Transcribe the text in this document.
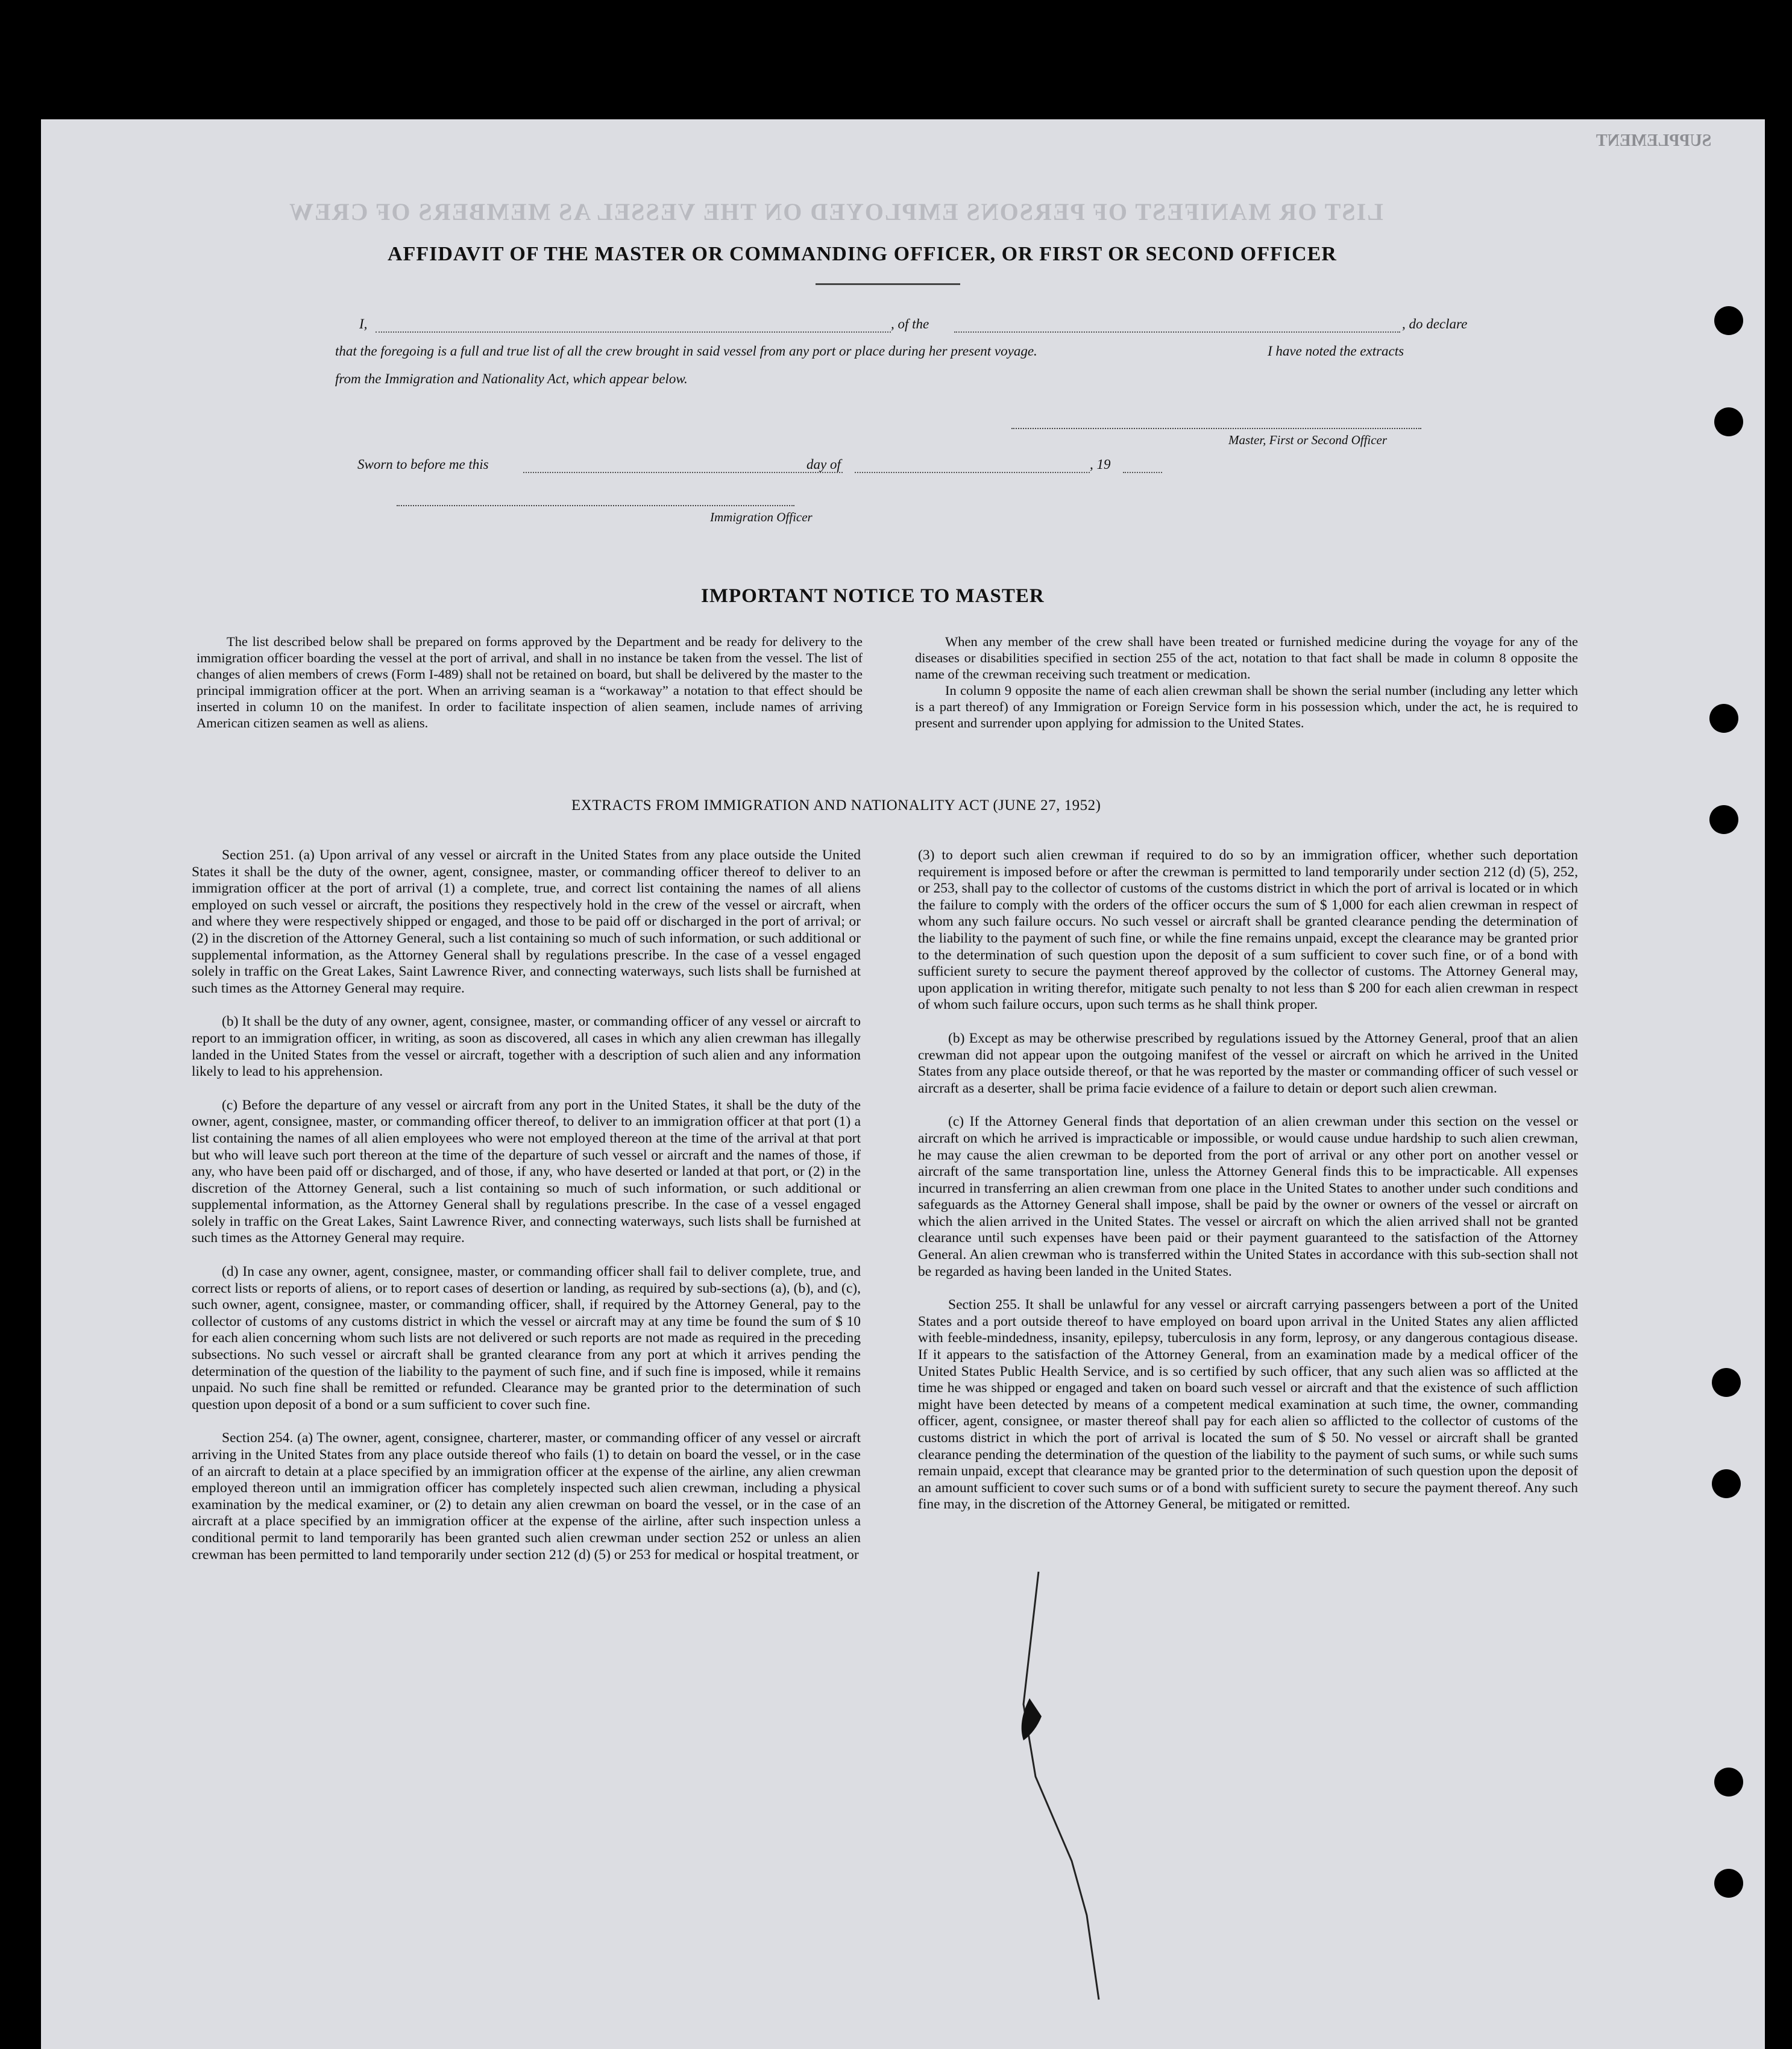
LIST OR MANIFEST OF PERSONS EMPLOYED ON THE VESSEL AS MEMBERS OF CREW
SUPPLEMENT
AFFIDAVIT OF THE MASTER OR COMMANDING OFFICER, OR FIRST OR SECOND OFFICER
I,	, of the	, do declare
that the foregoing is a full and true list of all the crew brought in said vessel from any port or place during her present voyage.	I have noted the extracts
from the Immigration and Nationality Act, which appear below.
Master, First or Second Officer
Sworn to before me this	day of	, 19
Immigration Officer
IMPORTANT NOTICE TO MASTER

The list described below shall be prepared on forms approved by the Department and be ready for delivery to the immigration officer boarding the vessel at the port of arrival, and shall in no instance be taken from the vessel. The list of changes of alien members of crews (Form I-489) shall not be retained on board, but shall be delivered by the master to the principal immigration officer at the port. When an arriving seaman is a “workaway” a notation to that effect should be inserted in column 10 on the manifest. In order to facilitate inspection of alien seamen, include names of arriving American citizen seamen as well as aliens.

When any member of the crew shall have been treated or furnished medicine during the voyage for any of the diseases or disabilities specified in section 255 of the act, notation to that fact shall be made in column 8 opposite the name of the crewman receiving such treatment or medication.

In column 9 opposite the name of each alien crewman shall be shown the serial number (including any letter which is a part thereof) of any Immigration or Foreign Service form in his possession which, under the act, he is required to present and surrender upon applying for admission to the United States.

EXTRACTS FROM IMMIGRATION AND NATIONALITY ACT (JUNE 27, 1952)

Section 251. (a) Upon arrival of any vessel or aircraft in the United States from any place outside the United States it shall be the duty of the owner, agent, consignee, master, or commanding officer thereof to deliver to an immigration officer at the port of arrival (1) a complete, true, and correct list containing the names of all aliens employed on such vessel or aircraft, the positions they respectively hold in the crew of the vessel or aircraft, when and where they were respectively shipped or engaged, and those to be paid off or discharged in the port of arrival; or (2) in the discretion of the Attorney General, such a list containing so much of such information, or such additional or supplemental information, as the Attorney General shall by regulations prescribe. In the case of a vessel engaged solely in traffic on the Great Lakes, Saint Lawrence River, and connecting waterways, such lists shall be furnished at such times as the Attorney General may require.

(b) It shall be the duty of any owner, agent, consignee, master, or commanding officer of any vessel or aircraft to report to an immigration officer, in writing, as soon as discovered, all cases in which any alien crewman has illegally landed in the United States from the vessel or aircraft, together with a description of such alien and any information likely to lead to his apprehension.

(c) Before the departure of any vessel or aircraft from any port in the United States, it shall be the duty of the owner, agent, consignee, master, or commanding officer thereof, to deliver to an immigration officer at that port (1) a list containing the names of all alien employees who were not employed thereon at the time of the arrival at that port but who will leave such port thereon at the time of the departure of such vessel or aircraft and the names of those, if any, who have been paid off or discharged, and of those, if any, who have deserted or landed at that port, or (2) in the discretion of the Attorney General, such a list containing so much of such information, or such additional or supplemental information, as the Attorney General shall by regulations prescribe. In the case of a vessel engaged solely in traffic on the Great Lakes, Saint Lawrence River, and connecting waterways, such lists shall be furnished at such times as the Attorney General may require.

(d) In case any owner, agent, consignee, master, or commanding officer shall fail to deliver complete, true, and correct lists or reports of aliens, or to report cases of desertion or landing, as required by sub-sections (a), (b), and (c), such owner, agent, consignee, master, or commanding officer, shall, if required by the Attorney General, pay to the collector of customs of any customs district in which the vessel or aircraft may at any time be found the sum of $ 10 for each alien concerning whom such lists are not delivered or such reports are not made as required in the preceding subsections. No such vessel or aircraft shall be granted clearance from any port at which it arrives pending the determination of the question of the liability to the payment of such fine, and if such fine is imposed, while it remains unpaid. No such fine shall be remitted or refunded. Clearance may be granted prior to the determination of such question upon deposit of a bond or a sum sufficient to cover such fine.

Section 254. (a) The owner, agent, consignee, charterer, master, or commanding officer of any vessel or aircraft arriving in the United States from any place outside thereof who fails (1) to detain on board the vessel, or in the case of an aircraft to detain at a place specified by an immigration officer at the expense of the airline, any alien crewman employed thereon until an immigration officer has completely inspected such alien crewman, including a physical examination by the medical examiner, or (2) to detain any alien crewman on board the vessel, or in the case of an aircraft at a place specified by an immigration officer at the expense of the airline, after such inspection unless a conditional permit to land temporarily has been granted such alien crewman under section 252 or unless an alien crewman has been permitted to land temporarily under section 212 (d) (5) or 253 for medical or hospital treatment, or

(3) to deport such alien crewman if required to do so by an immigration officer, whether such deportation requirement is imposed before or after the crewman is permitted to land temporarily under section 212 (d) (5), 252, or 253, shall pay to the collector of customs of the customs district in which the port of arrival is located or in which the failure to comply with the orders of the officer occurs the sum of $ 1,000 for each alien crewman in respect of whom any such failure occurs. No such vessel or aircraft shall be granted clearance pending the determination of the liability to the payment of such fine, or while the fine remains unpaid, except the clearance may be granted prior to the determination of such question upon the deposit of a sum sufficient to cover such fine, or of a bond with sufficient surety to secure the payment thereof approved by the collector of customs. The Attorney General may, upon application in writing therefor, mitigate such penalty to not less than $ 200 for each alien crewman in respect of whom such failure occurs, upon such terms as he shall think proper.

(b) Except as may be otherwise prescribed by regulations issued by the Attorney General, proof that an alien crewman did not appear upon the outgoing manifest of the vessel or aircraft on which he arrived in the United States from any place outside thereof, or that he was reported by the master or commanding officer of such vessel or aircraft as a deserter, shall be prima facie evidence of a failure to detain or deport such alien crewman.

(c) If the Attorney General finds that deportation of an alien crewman under this section on the vessel or aircraft on which he arrived is impracticable or impossible, or would cause undue hardship to such alien crewman, he may cause the alien crewman to be deported from the port of arrival or any other port on another vessel or aircraft of the same transportation line, unless the Attorney General finds this to be impracticable. All expenses incurred in transferring an alien crewman from one place in the United States to another under such conditions and safeguards as the Attorney General shall impose, shall be paid by the owner or owners of the vessel or aircraft on which the alien arrived in the United States. The vessel or aircraft on which the alien arrived shall not be granted clearance until such expenses have been paid or their payment guaranteed to the satisfaction of the Attorney General. An alien crewman who is transferred within the United States in accordance with this sub-section shall not be regarded as having been landed in the United States.

Section 255. It shall be unlawful for any vessel or aircraft carrying passengers between a port of the United States and a port outside thereof to have employed on board upon arrival in the United States any alien afflicted with feeble-mindedness, insanity, epilepsy, tuberculosis in any form, leprosy, or any dangerous contagious disease. If it appears to the satisfaction of the Attorney General, from an examination made by a medical officer of the United States Public Health Service, and is so certified by such officer, that any such alien was so afflicted at the time he was shipped or engaged and taken on board such vessel or aircraft and that the existence of such affliction might have been detected by means of a competent medical examination at such time, the owner, commanding officer, agent, consignee, or master thereof shall pay for each alien so afflicted to the collector of customs of the customs district in which the port of arrival is located the sum of $ 50. No vessel or aircraft shall be granted clearance pending the determination of the question of the liability to the payment of such sums, or while such sums remain unpaid, except that clearance may be granted prior to the determination of such question upon the deposit of an amount sufficient to cover such sums or of a bond with sufficient surety to secure the payment thereof. Any such fine may, in the discretion of the Attorney General, be mitigated or remitted.
